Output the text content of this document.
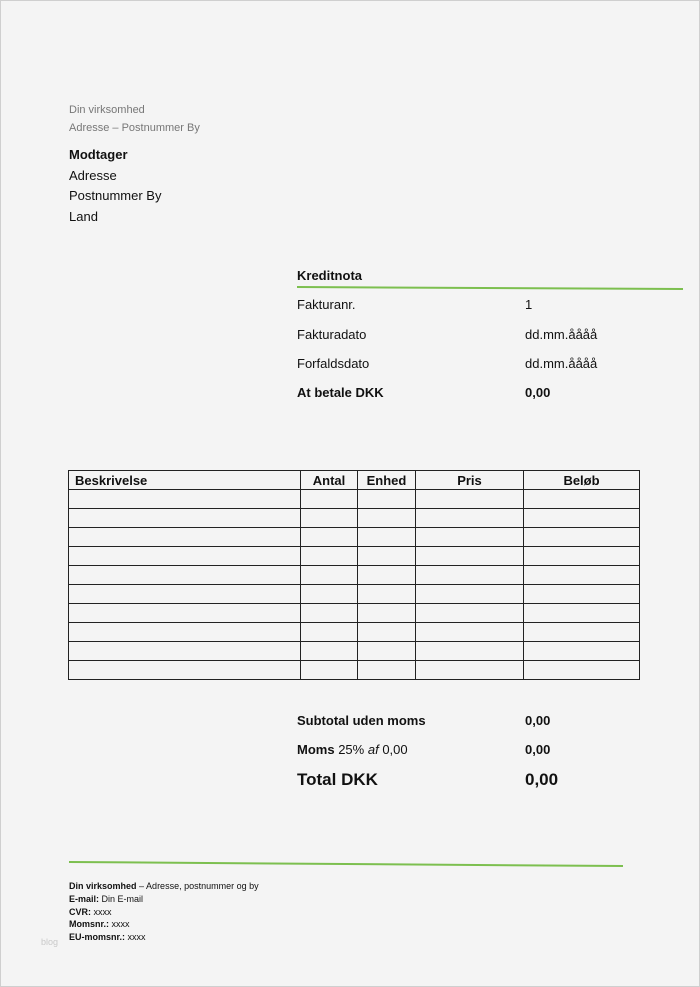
Din virksomhed
Adresse – Postnummer By
Modtager
Adresse
Postnummer By
Land
Kreditnota
Fakturanr.	1
Fakturadato	dd.mm.åååå
Forfaldsdato	dd.mm.åååå
At betale DKK	0,00
Beskrivelse	Antal	Enhed	Pris	Beløb

Subtotal uden moms	0,00
Moms 25% af 0,00	0,00
Total DKK	0,00
Din virksomhed – Adresse, postnummer og by
E-mail: Din E-mail
CVR: xxxx
Momsnr.: xxxx
EU-momsnr.: xxxx
blog
